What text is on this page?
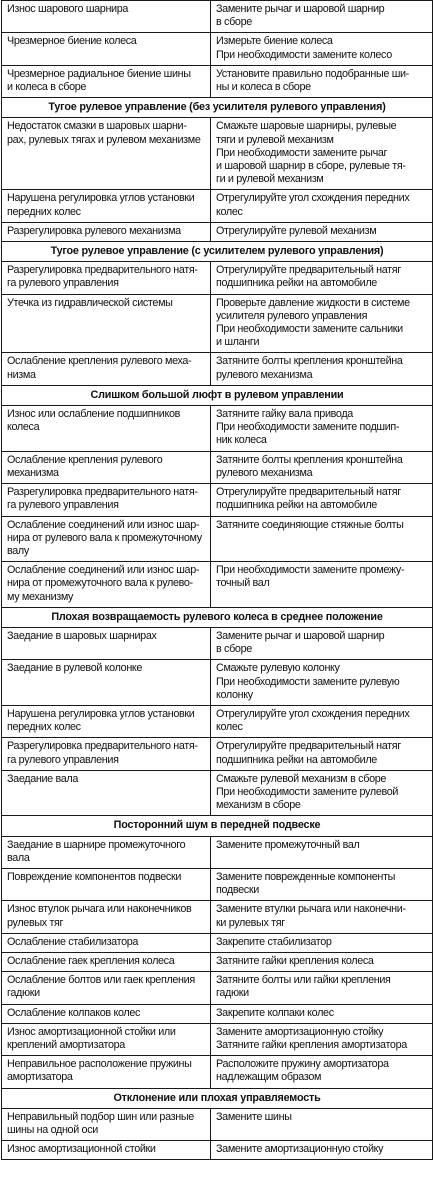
Износ шарового шарнира	Замените рычаг и шаровой шарнир
в сборе
Чрезмерное биение колеса	Измерьте биение колеса
При необходимости замените колесо
Чрезмерное радиальное биение шины
и колеса в сборе	Установите правильно подобранные ши-
ны и колеса в сборе
Тугое рулевое управление (без усилителя рулевого управления)	
Недостаток смазки в шаровых шарни-
рах, рулевых тягах и рулевом механизме	Смажьте шаровые шарниры, рулевые
тяги и рулевой механизм
При необходимости замените рычаг
и шаровой шарнир в сборе, рулевые тя-
ги и рулевой механизм
Нарушена регулировка углов установки
передних колес	Отрегулируйте угол схождения передних
колес
Разрегулировка рулевого механизма	Отрегулируйте рулевой механизм
Тугое рулевое управление (с усилителем рулевого управления)	
Разрегулировка предварительного натя-
га рулевого управления	Отрегулируйте предварительный натяг
подшипника рейки на автомобиле
Утечка из гидравлической системы	Проверьте давление жидкости в системе
усилителя рулевого управления
При необходимости замените сальники
и шланги
Ослабление крепления рулевого меха-
низма	Затяните болты крепления кронштейна
рулевого механизма
Слишком большой люфт в рулевом управлении	
Износ или ослабление подшипников
колеса	Затяните гайку вала привода
При необходимости замените подшип-
ник колеса
Ослабление крепления рулевого
механизма	Затяните болты крепления кронштейна
рулевого механизма
Разрегулировка предварительного натя-
га рулевого управления	Отрегулируйте предварительный натяг
подшипника рейки на автомобиле
Ослабление соединений или износ шар-
нира от рулевого вала к промежуточному
валу	Затяните соединяющие стяжные болты
Ослабление соединений или износ шар-
нира от промежуточного вала к рулево-
му механизму	При необходимости замените промежу-
точный вал
Плохая возвращаемость рулевого колеса в среднее положение	
Заедание в шаровых шарнирах	Замените рычаг и шаровой шарнир
в сборе
Заедание в рулевой колонке	Смажьте рулевую колонку
При необходимости замените рулевую
колонку
Нарушена регулировка углов установки
передних колес	Отрегулируйте угол схождения передних
колес
Разрегулировка предварительного натя-
га рулевого управления	Отрегулируйте предварительный натяг
подшипника рейки на автомобиле
Заедание вала	Смажьте рулевой механизм в сборе
При необходимости замените рулевой
механизм в сборе
Посторонний шум в передней подвеске	
Заедание в шарнире промежуточного вала	Замените промежуточный вал
Повреждение компонентов подвески	Замените поврежденные компоненты
подвески
Износ втулок рычага или наконечников
рулевых тяг	Замените втулки рычага или наконечни-
ки рулевых тяг
Ослабление стабилизатора	Закрепите стабилизатор
Ослабление гаек крепления колеса	Затяните гайки крепления колеса
Ослабление болтов или гаек крепления
гадюки	Затяните болты или гайки крепления
гадюки
Ослабление колпаков колес	Закрепите колпаки колес
Износ амортизационной стойки или
креплений амортизатора	Замените амортизационную стойку
Затяните гайки крепления амортизатора
Неправильное расположение пружины
амортизатора	Расположите пружину амортизатора
надлежащим образом
Отклонение или плохая управляемость	
Неправильный подбор шин или разные
шины на одной оси	Замените шины
Износ амортизационной стойки	Замените амортизационную стойку
